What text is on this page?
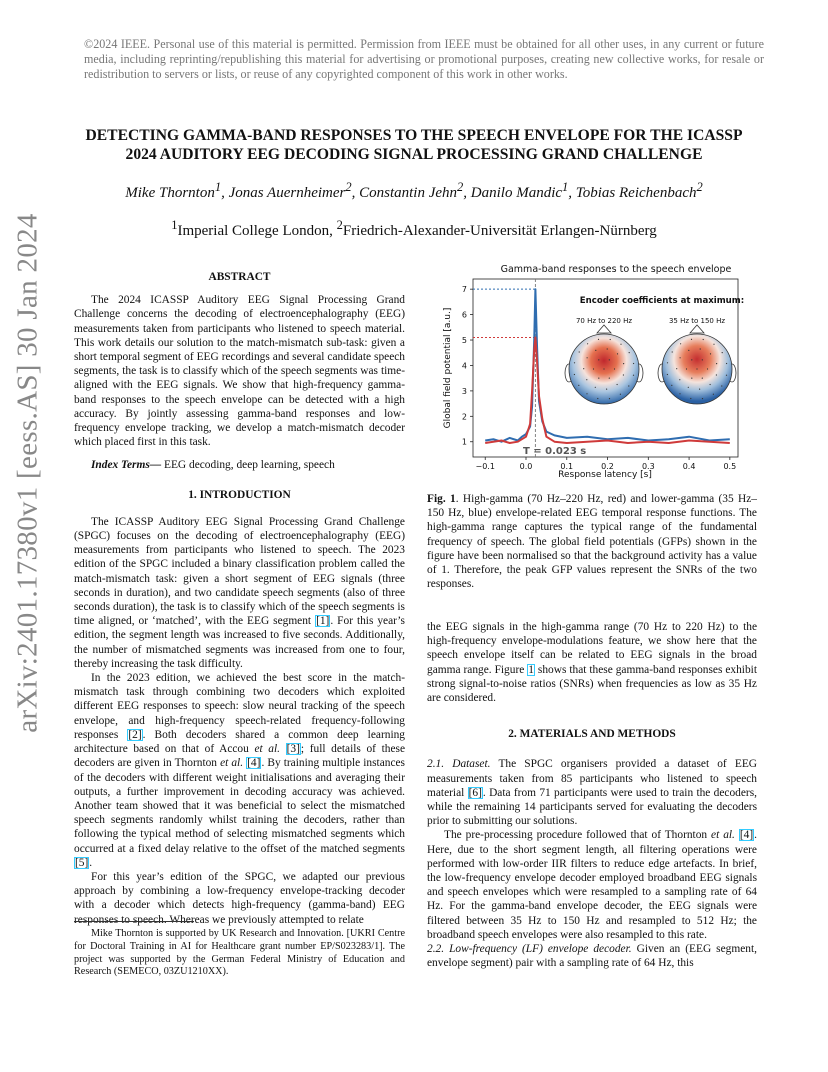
©2024 IEEE. Personal use of this material is permitted. Permission from IEEE must be obtained for all other uses, in any current or future media, including reprinting/republishing this material for advertising or promotional purposes, creating new collective works, for resale or redistribution to servers or lists, or reuse of any copyrighted component of this work in other works.
DETECTING GAMMA-BAND RESPONSES TO THE SPEECH ENVELOPE FOR THE ICASSP
2024 AUDITORY EEG DECODING SIGNAL PROCESSING GRAND CHALLENGE
Mike Thornton$^1$, Jonas Auernheimer$^2$, Constantin Jehn$^2$, Danilo Mandic$^1$, Tobias Reichenbach$^2$
$^1$Imperial College London, $^2$Friedrich-Alexander-Universität Erlangen-Nürnberg
arXiv:2401.17380v1 [eess.AS] 30 Jan 2024	ABSTRACT

The 2024 ICASSP Auditory EEG Signal Processing Grand Challenge concerns the decoding of electroencephalography (EEG) measurements taken from participants who listened to speech material. This work details our solution to the match-mismatch sub-task: given a short temporal segment of EEG recordings and several candidate speech segments, the task is to classify which of the speech segments was time-aligned with the EEG signals. We show that high-frequency gamma-band responses to the speech envelope can be detected with a high accuracy. By jointly assessing gamma-band responses and low-frequency envelope tracking, we develop a match-mismatch decoder which placed first in this task.

Index Terms— EEG decoding, deep learning, speech

1. INTRODUCTION

The ICASSP Auditory EEG Signal Processing Grand Challenge (SPGC) focuses on the decoding of electroencephalography (EEG) measurements from participants who listened to speech. The 2023 edition of the SPGC included a binary classification problem called the match-mismatch task: given a short segment of EEG signals (three seconds in duration), and two candidate speech segments (also of three seconds duration), the task is to classify which of the speech segments is time aligned, or ‘matched’, with the EEG segment [1]. For this year’s edition, the segment length was increased to five seconds. Additionally, the number of mismatched segments was increased from one to four, thereby increasing the task difficulty.

In the 2023 edition, we achieved the best score in the match-mismatch task through combining two decoders which exploited different EEG responses to speech: slow neural tracking of the speech envelope, and high-frequency speech-related frequency-following responses [2]. Both decoders shared a common deep learning architecture based on that of Accou et al. [3]; full details of these decoders are given in Thornton et al. [4]. By training multiple instances of the decoders with different weight initialisations and averaging their outputs, a further improvement in decoding accuracy was achieved. Another team showed that it was beneficial to select the mismatched speech segments randomly whilst training the decoders, rather than following the typical method of selecting mismatched segments which occurred at a fixed delay relative to the offset of the matched segments [5].

For this year’s edition of the SPGC, we adapted our previous approach by combining a low-frequency envelope-tracking decoder with a decoder which detects high-frequency (gamma-band) EEG responses to speech. Whereas we previously attempted to relate

Mike Thornton is supported by UK Research and Innovation. [UKRI Centre for Doctoral Training in AI for Healthcare grant number EP/S023283/1]. The project was supported by the German Federal Ministry of Education and Research (SEMECO, 03ZU1210XX).
Gamma-band responses to the speech envelope
1
2
3
4
5
6
7
−0.1	0.0	0.1	0.2	0.3	0.4	0.5
T = 0.023 s
Response latency [s]
Global field potential [a.u.]
Encoder coefficients at maximum:
70 Hz to 220 Hz	35 Hz to 150 Hz
Fig. 1. High-gamma (70 Hz–220 Hz, red) and lower-gamma (35 Hz–150 Hz, blue) envelope-related EEG temporal response functions. The high-gamma range captures the typical range of the fundamental frequency of speech. The global field potentials (GFPs) shown in the figure have been normalised so that the background activity has a value of 1. Therefore, the peak GFP values represent the SNRs of the two responses.

the EEG signals in the high-gamma range (70 Hz to 220 Hz) to the high-frequency envelope-modulations feature, we show here that the speech envelope itself can be related to EEG signals in the broad gamma range. Figure 1 shows that these gamma-band responses exhibit strong signal-to-noise ratios (SNRs) when frequencies as low as 35 Hz are considered.

2. MATERIALS AND METHODS

2.1. Dataset. The SPGC organisers provided a dataset of EEG measurements taken from 85 participants who listened to speech material [6]. Data from 71 participants were used to train the decoders, while the remaining 14 participants served for evaluating the decoders prior to submitting our solutions.

The pre-processing procedure followed that of Thornton et al. [4]. Here, due to the short segment length, all filtering operations were performed with low-order IIR filters to reduce edge artefacts. In brief, the low-frequency envelope decoder employed broadband EEG signals and speech envelopes which were resampled to a sampling rate of 64 Hz. For the gamma-band envelope decoder, the EEG signals were filtered between 35 Hz to 150 Hz and resampled to 512 Hz; the broadband speech envelopes were also resampled to this rate.

2.2. Low-frequency (LF) envelope decoder. Given an (EEG segment, envelope segment) pair with a sampling rate of 64 Hz, this
